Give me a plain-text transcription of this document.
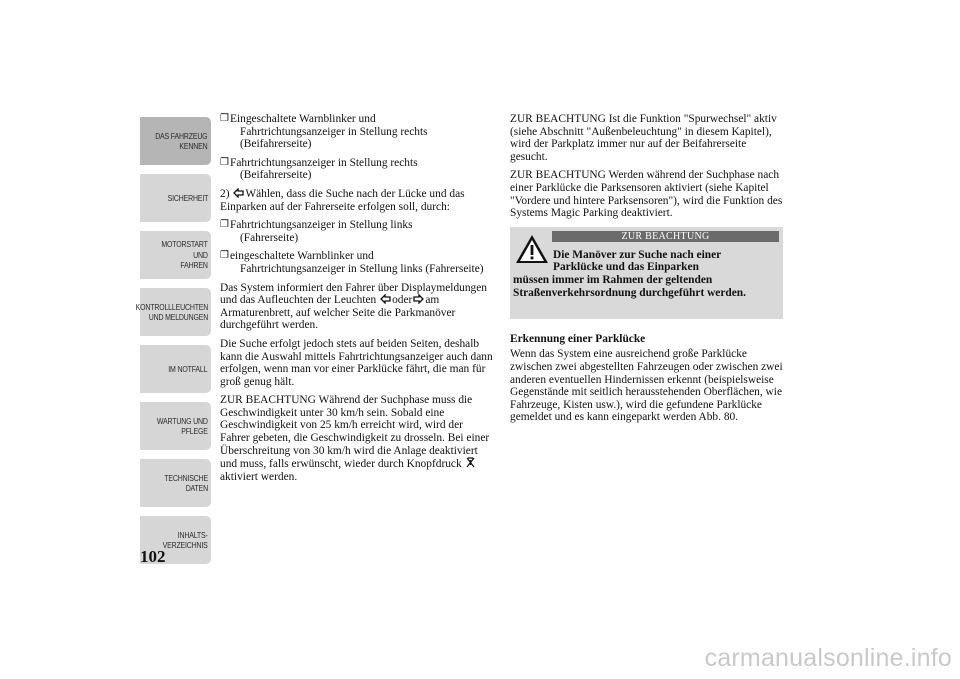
DAS FAHRZEUG
KENNEN
SICHERHEIT
MOTORSTART UND
FAHREN
KONTROLLLEUCHTEN
UND MELDUNGEN
IM NOTFALL
WARTUNG UND
PFLEGE
TECHNISCHE
DATEN
INHALTS-
VERZEICHNIS
102
❐ Eingeschaltete Warnblinker und
Fahrtrichtungsanzeiger in Stellung rechts (Beifahrerseite)
❐ Fahrtrichtungsanzeiger in Stellung rechts
(Beifahrerseite)

2) Wählen, dass die Suche nach der Lücke und das Einparken auf der Fahrerseite erfolgen soll, durch:

❐ Fahrtrichtungsanzeiger in Stellung links
(Fahrerseite)
❐ eingeschaltete Warnblinker und
Fahrtrichtungsanzeiger in Stellung links (Fahrerseite)

Das System informiert den Fahrer über Displaymeldungen und das Aufleuchten der Leuchten oder am Armaturenbrett, auf welcher Seite die Parkmanöver durchgeführt werden.

Die Suche erfolgt jedoch stets auf beiden Seiten, deshalb kann die Auswahl mittels Fahrtrichtungsanzeiger auch dann erfolgen, wenn man vor einer Parklücke fährt, die man für groß genug hält.

ZUR BEACHTUNG Während der Suchphase muss die Geschwindigkeit unter 30 km/h sein. Sobald eine Geschwindigkeit von 25 km/h erreicht wird, wird der Fahrer gebeten, die Geschwindigkeit zu drosseln. Bei einer Überschreitung von 30 km/h wird die Anlage deaktiviert und muss, falls erwünscht, wieder durch Knopfdruck aktiviert werden.

ZUR BEACHTUNG Ist die Funktion "Spurwechsel" aktiv (siehe Abschnitt "Außenbeleuchtung" in diesem Kapitel), wird der Parkplatz immer nur auf der Beifahrerseite gesucht.

ZUR BEACHTUNG Werden während der Suchphase nach einer Parklücke die Parksensoren aktiviert (siehe Kapitel "Vordere und hintere Parksensoren"), wird die Funktion des Systems Magic Parking deaktiviert.

ZUR BEACHTUNG
Die Manöver zur Suche nach einer
Parklücke und das Einparken
müssen immer im Rahmen der geltenden Straßenverkehrsordnung durchgeführt werden.

Erkennung einer Parklücke

Wenn das System eine ausreichend große Parklücke zwischen zwei abgestellten Fahrzeugen oder zwischen zwei anderen eventuellen Hindernissen erkennt (beispielsweise Gegenstände mit seitlich herausstehenden Oberflächen, wie Fahrzeuge, Kisten usw.), wird die gefundene Parklücke gemeldet und es kann eingeparkt werden Abb. 80.

carmanualsonline.info
